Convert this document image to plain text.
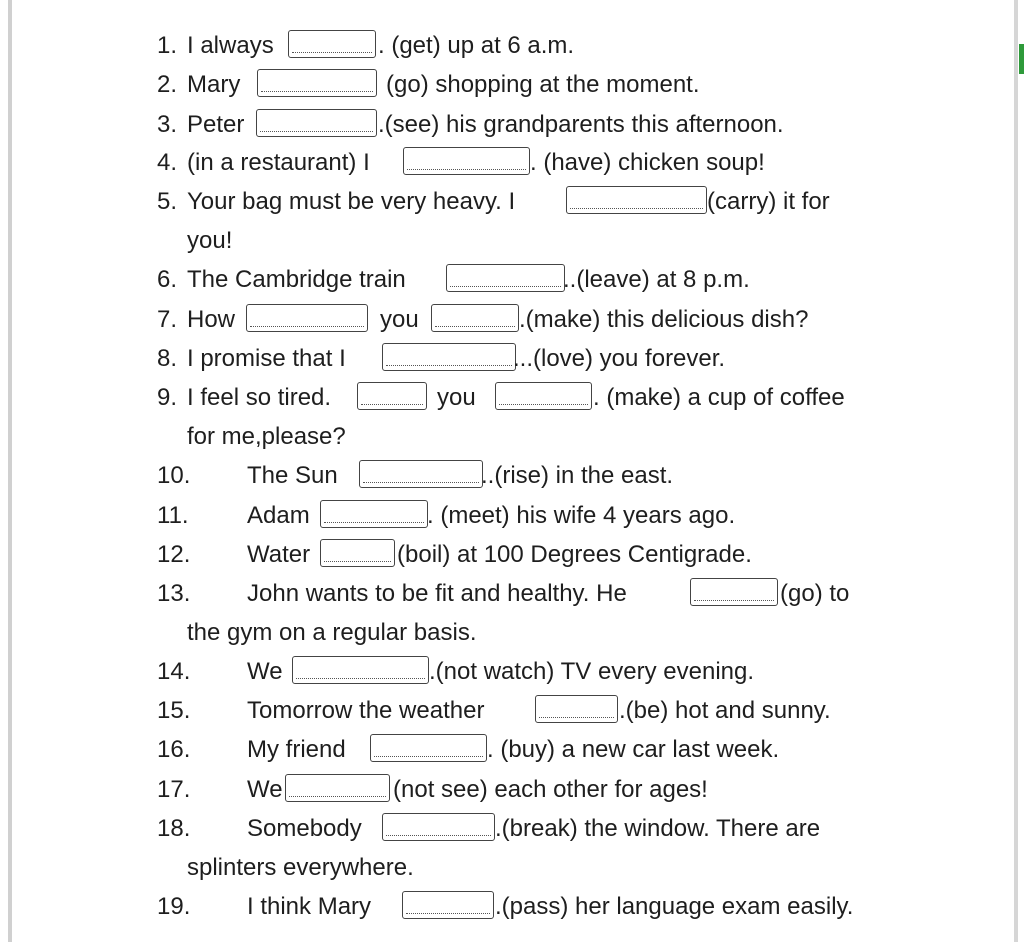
1. I always	. (get) up at 6 a.m.
2. Mary	(go) shopping at the moment.
3. Peter	.(see) his grandparents this afternoon.
4. (in a restaurant) I	. (have) chicken soup!
5. Your bag must be very heavy. I	(carry) it for
you!
6. The Cambridge train	..(leave) at 8 p.m.
7. How	you	.(make) this delicious dish?
8. I promise that I	...(love) you forever.
9. I feel so tired.	you	. (make) a cup of coffee
for me,please?
10. The Sun	..(rise) in the east.
11. Adam	. (meet) his wife 4 years ago.
12. Water	(boil) at 100 Degrees Centigrade.
13. John wants to be fit and healthy. He	(go) to
the gym on a regular basis.
14. We	.(not watch) TV every evening.
15. Tomorrow the weather	.(be) hot and sunny.
16. My friend	. (buy) a new car last week.
17. We	(not see) each other for ages!
18. Somebody	.(break) the window. There are
splinters everywhere.
19. I think Mary	.(pass) her language exam easily.
